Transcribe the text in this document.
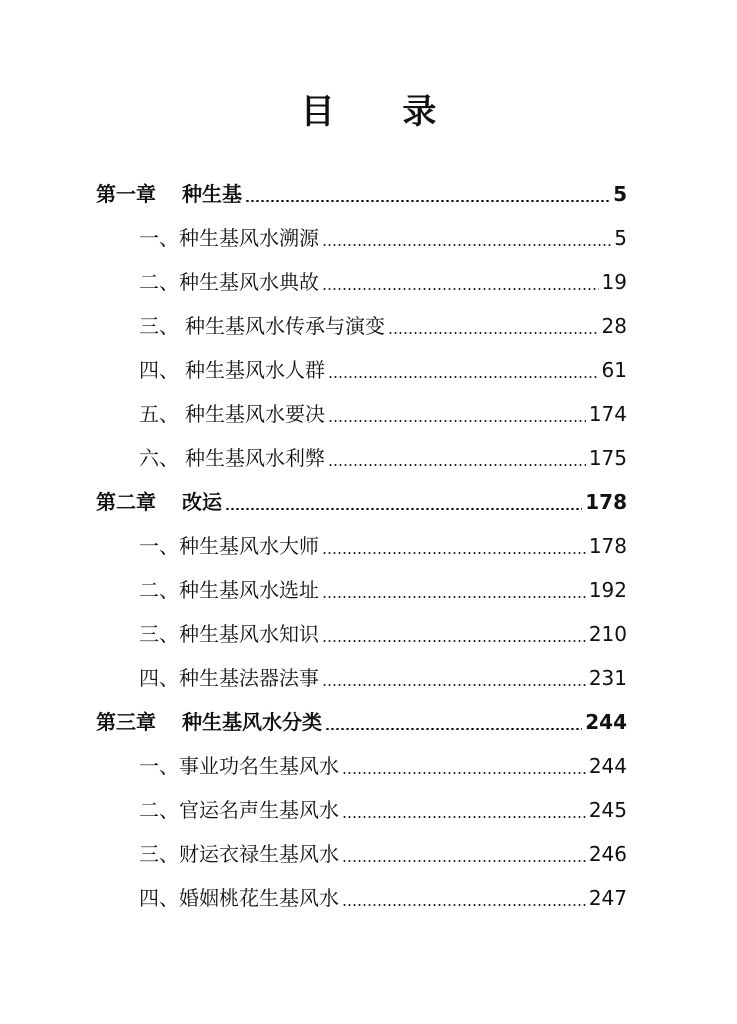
目 录
第一章	种生基	5
一、 种生基风水溯源	5
二、 种生基风水典故	19
三、 种生基风水传承与演变	28
四、 种生基风水人群	61
五、 种生基风水要决	174
六、 种生基风水利弊	175
第二章	改运	178
一、 种生基风水大师	178
二、 种生基风水选址	192
三、 种生基风水知识	210
四、 种生基法器法事	231
第三章	种生基风水分类	244
一、 事业功名生基风水	244
二、 官运名声生基风水	245
三、 财运衣禄生基风水	246
四、 婚姻桃花生基风水	247
